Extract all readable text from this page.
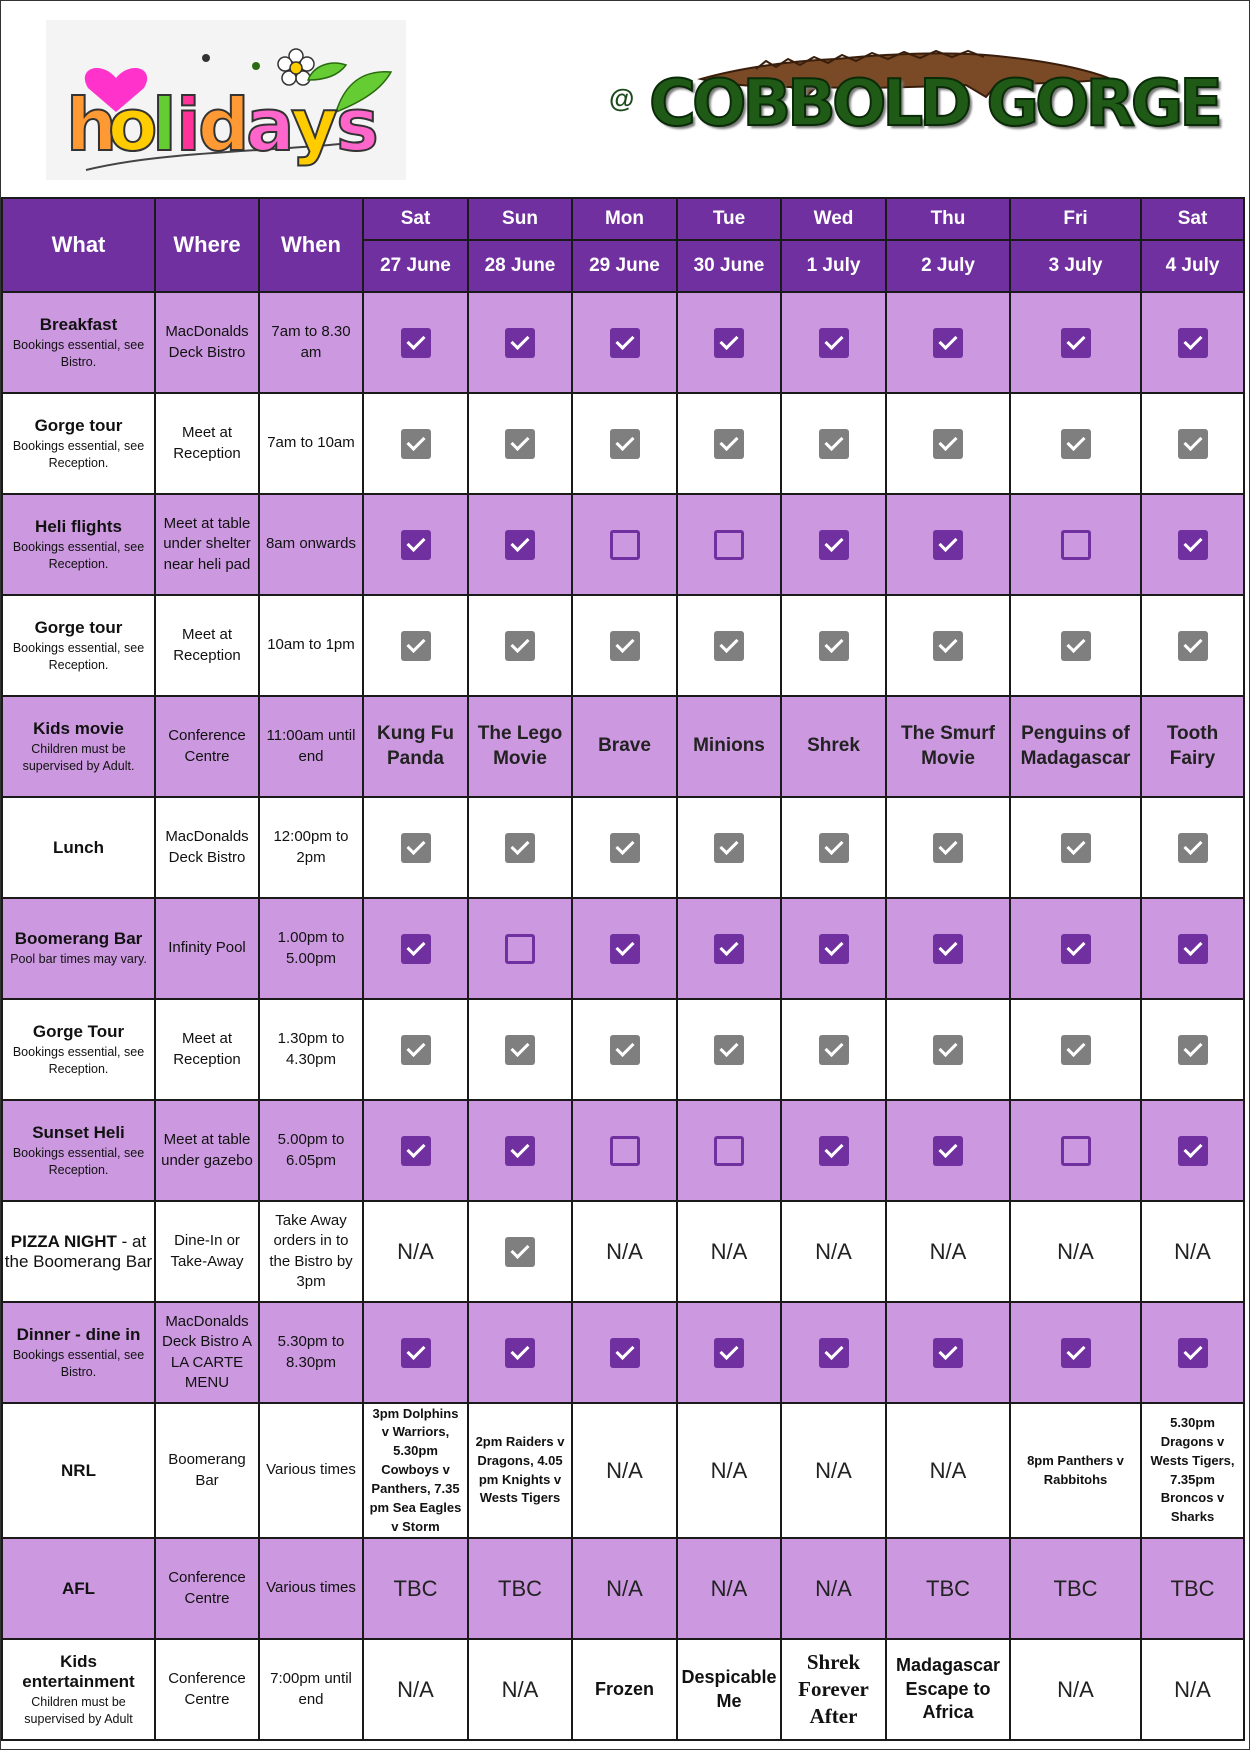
h
o
l i
d
a
y
s	@ COBBOLD GORGE
What	Where	When	Sat	Sun	Mon	Tue	Wed	Thu	Fri	Sat
			27 June	28 June	29 June	30 June	1 July	2 July	3 July	4 July

Breakfast
Bookings essential, see Bistro.	MacDonalds Deck Bistro	7am to 8.30 am								

Gorge tour
Bookings essential, see Reception.	Meet at Reception	7am to 10am								

Heli flights
Bookings essential, see Reception.	Meet at table under shelter near heli pad	8am onwards								

Gorge tour
Bookings essential, see Reception.	Meet at Reception	10am to 1pm								

Kids movie
Children must be supervised by Adult.	Conference Centre	11:00am until end	Kung Fu Panda	The Lego Movie	Brave	Minions	Shrek	The Smurf Movie	Penguins of Madagascar	Tooth Fairy

Lunch	MacDonalds Deck Bistro	12:00pm to 2pm								

Boomerang Bar
Pool bar times may vary.	Infinity Pool	1.00pm to 5.00pm								

Gorge Tour
Bookings essential, see Reception.	Meet at Reception	1.30pm to 4.30pm								

Sunset Heli
Bookings essential, see Reception.	Meet at table under gazebo	5.00pm to 6.05pm								

PIZZA NIGHT - at the Boomerang Bar	Dine-In or Take-Away	Take Away orders in to the Bistro by 3pm	N/A		N/A	N/A	N/A	N/A	N/A	N/A

Dinner - dine in
Bookings essential, see Bistro.	MacDonalds Deck Bistro A LA CARTE MENU	5.30pm to 8.30pm								

NRL	Boomerang Bar	Various times	3pm Dolphins v Warriors, 5.30pm Cowboys v Panthers, 7.35 pm Sea Eagles v Storm	2pm Raiders v Dragons, 4.05 pm Knights v Wests Tigers	N/A	N/A	N/A	N/A	8pm Panthers v Rabbitohs	5.30pm Dragons v Wests Tigers, 7.35pm Broncos v Sharks

AFL	Conference Centre	Various times	TBC	TBC	N/A	N/A	N/A	TBC	TBC	TBC

Kids entertainment
Children must be supervised by Adult	Conference Centre	7:00pm until end	N/A	N/A	Frozen	Despicable Me	Shrek Forever After	Madagascar Escape to Africa	N/A	N/A
